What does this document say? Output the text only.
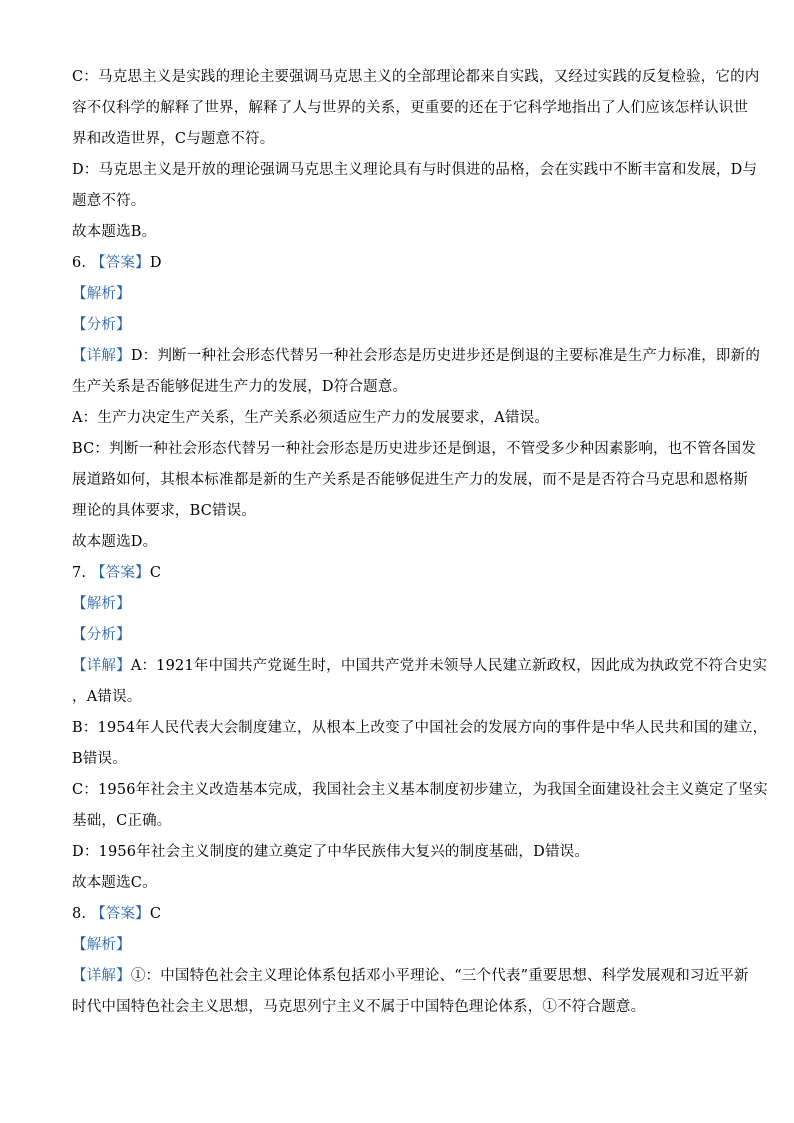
C：马克思主义是实践的理论主要强调马克思主义的全部理论都来自实践，又经过实践的反复检验，它的内
容不仅科学的解释了世界，解释了人与世界的关系，更重要的还在于它科学地指出了人们应该怎样认识世
界和改造世界，C与题意不符。
D：马克思主义是开放的理论强调马克思主义理论具有与时俱进的品格，会在实践中不断丰富和发展，D与
题意不符。
故本题选B。
6. 【答案】D
【解析】
【分析】
【详解】D：判断一种社会形态代替另一种社会形态是历史进步还是倒退的主要标准是生产力标准，即新的
生产关系是否能够促进生产力的发展，D符合题意。
A：生产力决定生产关系，生产关系必须适应生产力的发展要求，A错误。
BC：判断一种社会形态代替另一种社会形态是历史进步还是倒退，不管受多少种因素影响，也不管各国发
展道路如何，其根本标准都是新的生产关系是否能够促进生产力的发展，而不是是否符合马克思和恩格斯
理论的具体要求，BC错误。
故本题选D。
7. 【答案】C
【解析】
【分析】
【详解】A：1921年中国共产党诞生时，中国共产党并未领导人民建立新政权，因此成为执政党不符合史实
，A错误。
B：1954年人民代表大会制度建立，从根本上改变了中国社会的发展方向的事件是中华人民共和国的建立，
B错误。
C：1956年社会主义改造基本完成，我国社会主义基本制度初步建立，为我国全面建设社会主义奠定了坚实
基础，C正确。
D：1956年社会主义制度的建立奠定了中华民族伟大复兴的制度基础，D错误。
故本题选C。
8. 【答案】C
【解析】
【详解】①：中国特色社会主义理论体系包括邓小平理论、“三个代表”重要思想、科学发展观和习近平新
时代中国特色社会主义思想，马克思列宁主义不属于中国特色理论体系，①不符合题意。
